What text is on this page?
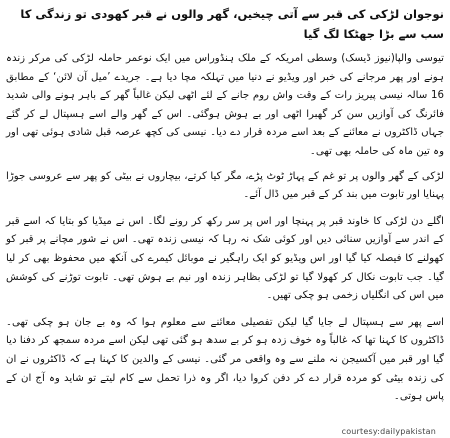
نوجوان لڑکی کی قبر سے آتی چیخیں، گھر والوں نے قبر کھودی تو زندگی کا سب سے بڑا جھٹکا لگ گیا

تیوسی والپا(نیوز ڈیسک) وسطی امریکہ کے ملک ہنڈوراس میں ایک نوعمر حاملہ لڑکی کی مرکر زندہ ہونے اور پھر مرجانے کی خبر اور ویڈیو نے دنیا میں تہلکہ مچا دیا ہے۔ جریدے ’میل آن لائن‘ کے مطابق 16 سالہ نیسی پیریز رات کے وقت واش روم جانے کے لئے اٹھی لیکن غالباً گھر کے باہر ہونے والی شدید فائرنگ کی آوازیں سن کر گھبرا اٹھی اور بے ہوش ہوگئی۔ اس کے گھر والے اسے ہسپتال لے کر گئے جہاں ڈاکٹروں نے معائنے کے بعد اسے مردہ قرار دے دیا۔ نیسی کی کچھ عرصہ قبل شادی ہوئی تھی اور وہ تین ماہ کی حاملہ بھی تھی۔

لڑکی کے گھر والوں پر تو غم کے پہاڑ ٹوٹ پڑے، مگر کیا کرتے، بیچاروں نے بیٹی کو پھر سے عروسی جوڑا پہنایا اور تابوت میں بند کر کے قبر میں ڈال آئے۔

اگلے دن لڑکی کا خاوند قبر پر پہنچا اور اس پر سر رکھ کر رونے لگا۔ اس نے میڈیا کو بتایا کہ اسے قبر کے اندر سے آوازیں سنائی دیں اور کوئی شک نہ رہا کہ نیسی زندہ تھی۔ اس نے شور مچانے پر قبر کو کھولنے کا فیصلہ کیا گیا اور اس ویڈیو کو ایک راہگیر نے موبائل کیمرے کی آنکھ میں محفوظ بھی کر لیا گیا۔ جب تابوت نکال کر کھولا گیا تو لڑکی بظاہر زندہ اور نیم بے ہوش تھی۔ تابوت توڑنے کی کوشش میں اس کی انگلیاں زخمی ہو چکی تھیں۔

اسے پھر سے ہسپتال لے جایا گیا لیکن تفصیلی معائنے سے معلوم ہوا کہ وہ بے جان ہو چکی تھی۔ ڈاکٹروں کا کہنا تھا کہ غالباً وہ خوف زدہ ہو کر بے سدھ ہو گئی تھی لیکن اسے مردہ سمجھ کر دفنا دیا گیا اور قبر میں آکسیجن نہ ملنے سے وہ واقعی مر گئی۔ نیسی کے والدین کا کہنا ہے کہ ڈاکٹروں نے ان کی زندہ بیٹی کو مردہ قرار دے کر دفن کروا دیا، اگر وہ ذرا تحمل سے کام لیتے تو شاید وہ آج ان کے پاس ہوتی۔

courtesy:dailypakistan
